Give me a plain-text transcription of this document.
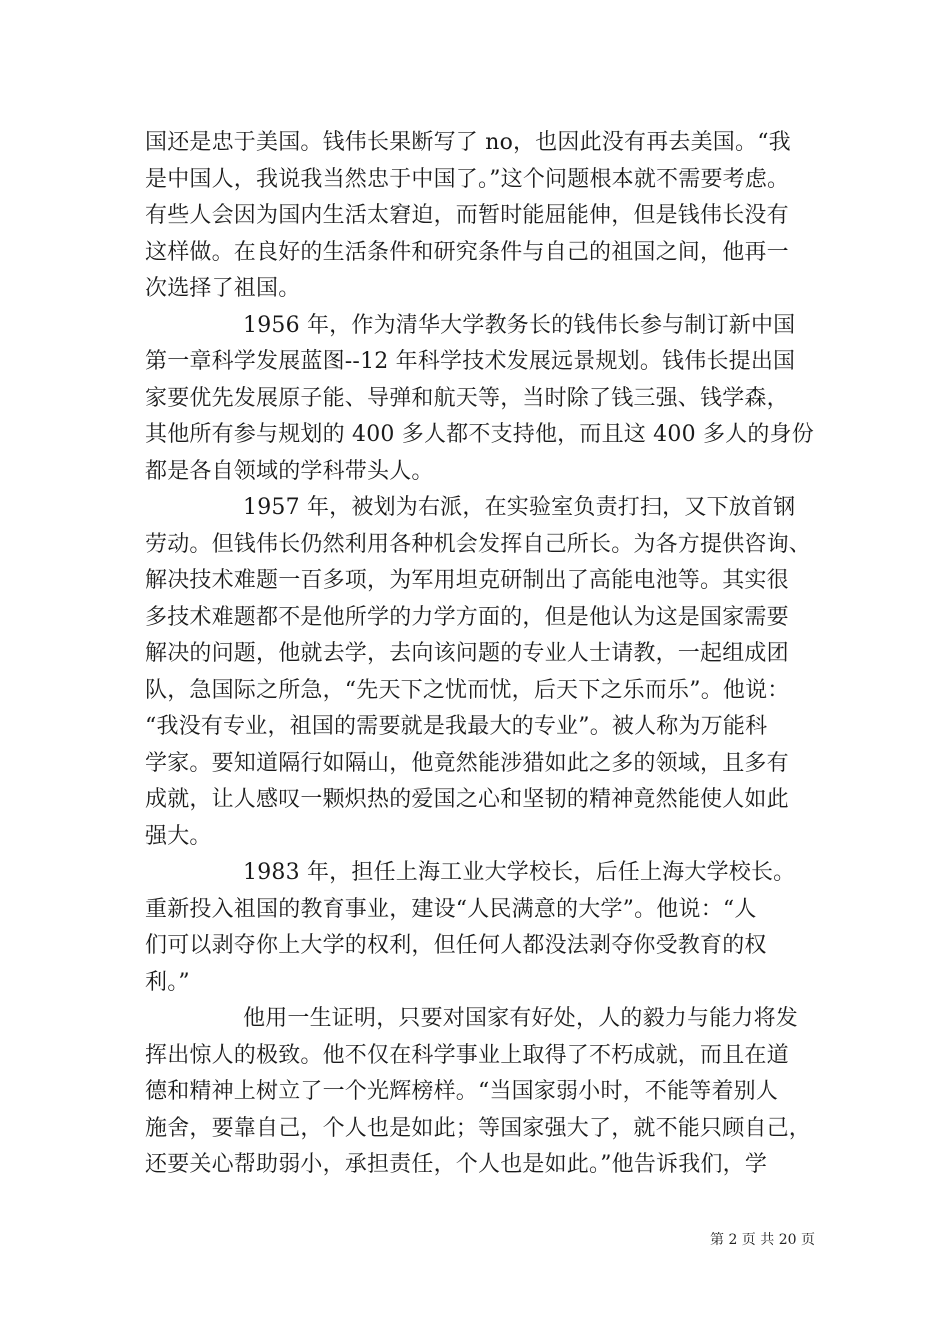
国还是忠于美国。钱伟长果断写了 no，也因此没有再去美国。“我
是中国人，我说我当然忠于中国了。”这个问题根本就不需要考虑。
有些人会因为国内生活太窘迫，而暂时能屈能伸，但是钱伟长没有
这样做。在良好的生活条件和研究条件与自己的祖国之间，他再一
次选择了祖国。
1956 年，作为清华大学教务长的钱伟长参与制订新中国
第一章科学发展蓝图--12 年科学技术发展远景规划。钱伟长提出国
家要优先发展原子能、导弹和航天等，当时除了钱三强、钱学森，
其他所有参与规划的 400 多人都不支持他，而且这 400 多人的身份
都是各自领域的学科带头人。
1957 年，被划为右派，在实验室负责打扫，又下放首钢
劳动。但钱伟长仍然利用各种机会发挥自己所长。为各方提供咨询、
解决技术难题一百多项，为军用坦克研制出了高能电池等。其实很
多技术难题都不是他所学的力学方面的，但是他认为这是国家需要
解决的问题，他就去学，去向该问题的专业人士请教，一起组成团
队，急国际之所急，“先天下之忧而忧，后天下之乐而乐”。他说：
“我没有专业，祖国的需要就是我最大的专业”。被人称为万能科
学家。要知道隔行如隔山，他竟然能涉猎如此之多的领域，且多有
成就，让人感叹一颗炽热的爱国之心和坚韧的精神竟然能使人如此
强大。
1983 年，担任上海工业大学校长，后任上海大学校长。
重新投入祖国的教育事业，建设“人民满意的大学”。他说：“人
们可以剥夺你上大学的权利，但任何人都没法剥夺你受教育的权
利。”
他用一生证明，只要对国家有好处，人的毅力与能力将发
挥出惊人的极致。他不仅在科学事业上取得了不朽成就，而且在道
德和精神上树立了一个光辉榜样。“当国家弱小时，不能等着别人
施舍，要靠自己，个人也是如此；等国家强大了，就不能只顾自己，
还要关心帮助弱小，承担责任，个人也是如此。”他告诉我们，学
第 2 页 共 20 页
